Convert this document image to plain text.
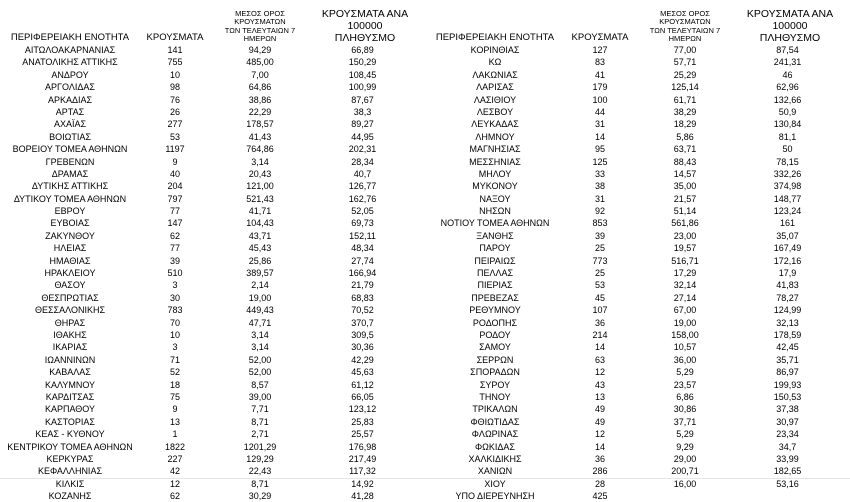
ΠΕΡΙΦΕΡΕΙΑΚΗ ΕΝΟΤΗΤΑ ΚΡΟΥΣΜΑΤΑ
ΜΕΣΟΣ ΟΡΟΣ ΚΡΟΥΣΜΑΤΩΝ
ΤΩΝ ΤΕΛΕΥΤΑΙΩΝ 7 ΗΜΕΡΩΝ
ΚΡΟΥΣΜΑΤΑ ΑΝΑ 100000
ΠΛΗΘΥΣΜΟ	ΠΕΡΙΦΕΡΕΙΑΚΗ ΕΝΟΤΗΤΑ ΚΡΟΥΣΜΑΤΑ
ΜΕΣΟΣ ΟΡΟΣ ΚΡΟΥΣΜΑΤΩΝ
ΤΩΝ ΤΕΛΕΥΤΑΙΩΝ 7 ΗΜΕΡΩΝ
ΚΡΟΥΣΜΑΤΑ ΑΝΑ 100000
ΠΛΗΘΥΣΜΟ
ΑΙΤΩΛΟΑΚΑΡΝΑΝΙΑΣ	141	94,29	66,89
ΑΝΑΤΟΛΙΚΗΣ ΑΤΤΙΚΗΣ	755	485,00	150,29
ΑΝΔΡΟΥ	10	7,00	108,45
ΑΡΓΟΛΙΔΑΣ	98	64,86	100,99
ΑΡΚΑΔΙΑΣ	76	38,86	87,67
ΑΡΤΑΣ	26	22,29	38,3
ΑΧΑΪΑΣ	277	178,57	89,27
ΒΟΙΩΤΙΑΣ	53	41,43	44,95
ΒΟΡΕΙΟΥ ΤΟΜΕΑ ΑΘΗΝΩΝ	1197	764,86	202,31
ΓΡΕΒΕΝΩΝ	9	3,14	28,34
ΔΡΑΜΑΣ	40	20,43	40,7
ΔΥΤΙΚΗΣ ΑΤΤΙΚΗΣ	204	121,00	126,77
ΔΥΤΙΚΟΥ ΤΟΜΕΑ ΑΘΗΝΩΝ	797	521,43	162,76
ΕΒΡΟΥ	77	41,71	52,05
ΕΥΒΟΙΑΣ	147	104,43	69,73
ΖΑΚΥΝΘΟΥ	62	43,71	152,11
ΗΛΕΙΑΣ	77	45,43	48,34
ΗΜΑΘΙΑΣ	39	25,86	27,74
ΗΡΑΚΛΕΙΟΥ	510	389,57	166,94
ΘΑΣΟΥ	3	2,14	21,79
ΘΕΣΠΡΩΤΙΑΣ	30	19,00	68,83
ΘΕΣΣΑΛΟΝΙΚΗΣ	783	449,43	70,52
ΘΗΡΑΣ	70	47,71	370,7
ΙΘΑΚΗΣ	10	3,14	309,5
ΙΚΑΡΙΑΣ	3	3,14	30,36
ΙΩΑΝΝΙΝΩΝ	71	52,00	42,29
ΚΑΒΑΛΑΣ	52	52,00	45,63
ΚΑΛΥΜΝΟΥ	18	8,57	61,12
ΚΑΡΔΙΤΣΑΣ	75	39,00	66,05
ΚΑΡΠΑΘΟΥ	9	7,71	123,12
ΚΑΣΤΟΡΙΑΣ	13	8,71	25,83
ΚΕΑΣ - ΚΥΘΝΟΥ	1	2,71	25,57
ΚΕΝΤΡΙΚΟΥ ΤΟΜΕΑ ΑΘΗΝΩΝ	1822	1201,29	176,98
ΚΕΡΚΥΡΑΣ	227	129,29	217,49
ΚΕΦΑΛΛΗΝΙΑΣ	42	22,43	117,32
ΚΙΛΚΙΣ	12	8,71	14,92
ΚΟΖΑΝΗΣ	62	30,29	41,28
ΚΟΡΙΝΘΙΑΣ	127	77,00	87,54
ΚΩ	83	57,71	241,31
ΛΑΚΩΝΙΑΣ	41	25,29	46
ΛΑΡΙΣΑΣ	179	125,14	62,96
ΛΑΣΙΘΙΟΥ	100	61,71	132,66
ΛΕΣΒΟΥ	44	38,29	50,9
ΛΕΥΚΑΔΑΣ	31	18,29	130,84
ΛΗΜΝΟΥ	14	5,86	81,1
ΜΑΓΝΗΣΙΑΣ	95	63,71	50
ΜΕΣΣΗΝΙΑΣ	125	88,43	78,15
ΜΗΛΟΥ	33	14,57	332,26
ΜΥΚΟΝΟΥ	38	35,00	374,98
ΝΑΞΟΥ	31	21,57	148,77
ΝΗΣΩΝ	92	51,14	123,24
ΝΟΤΙΟΥ ΤΟΜΕΑ ΑΘΗΝΩΝ	853	561,86	161
ΞΑΝΘΗΣ	39	23,00	35,07
ΠΑΡΟΥ	25	19,57	167,49
ΠΕΙΡΑΙΩΣ	773	516,71	172,16
ΠΕΛΛΑΣ	25	17,29	17,9
ΠΙΕΡΙΑΣ	53	32,14	41,83
ΠΡΕΒΕΖΑΣ	45	27,14	78,27
ΡΕΘΥΜΝΟΥ	107	67,00	124,99
ΡΟΔΟΠΗΣ	36	19,00	32,13
ΡΟΔΟΥ	214	158,00	178,59
ΣΑΜΟΥ	14	10,57	42,45
ΣΕΡΡΩΝ	63	36,00	35,71
ΣΠΟΡΑΔΩΝ	12	5,29	86,97
ΣΥΡΟΥ	43	23,57	199,93
ΤΗΝΟΥ	13	6,86	150,53
ΤΡΙΚΑΛΩΝ	49	30,86	37,38
ΦΘΙΩΤΙΔΑΣ	49	37,71	30,97
ΦΛΩΡΙΝΑΣ	12	5,29	23,34
ΦΩΚΙΔΑΣ	14	9,29	34,7
ΧΑΛΚΙΔΙΚΗΣ	36	29,00	33,99
ΧΑΝΙΩΝ	286	200,71	182,65
ΧΙΟΥ	28	16,00	53,16
ΥΠΟ ΔΙΕΡΕΥΝΗΣΗ	425
